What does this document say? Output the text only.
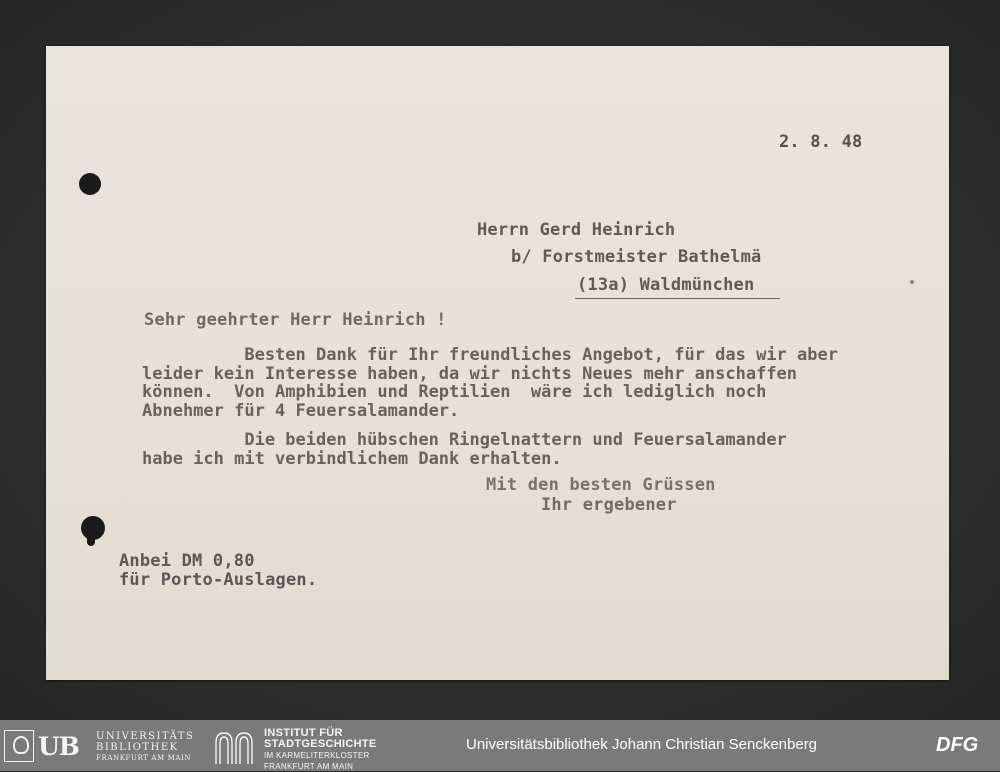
2. 8. 48
Herrn Gerd Heinrich
b/ Forstmeister Bathelmä
(13a) Waldmünchen
Sehr geehrter Herr Heinrich !

Besten Dank für Ihr freundliches Angebot, für das wir aber

leider kein Interesse haben, da wir nichts Neues mehr anschaffen

können.  Von Amphibien und Reptilien  wäre ich lediglich noch

Abnehmer für 4 Feuersalamander.

Die beiden hübschen Ringelnattern und Feuersalamander

habe ich mit verbindlichem Dank erhalten.

Mit den besten Grüssen
Ihr ergebener
Anbei DM 0,80
für Porto-Auslagen.
UB UNIVERSITÄTS
BIBLIOTHEK
FRANKFURT AM MAIN
INSTITUT FÜR
STADTGESCHICHTE
IM KARMELITERKLOSTER
FRANKFURT AM MAIN
Universitätsbibliothek Johann Christian Senckenberg	DFG
